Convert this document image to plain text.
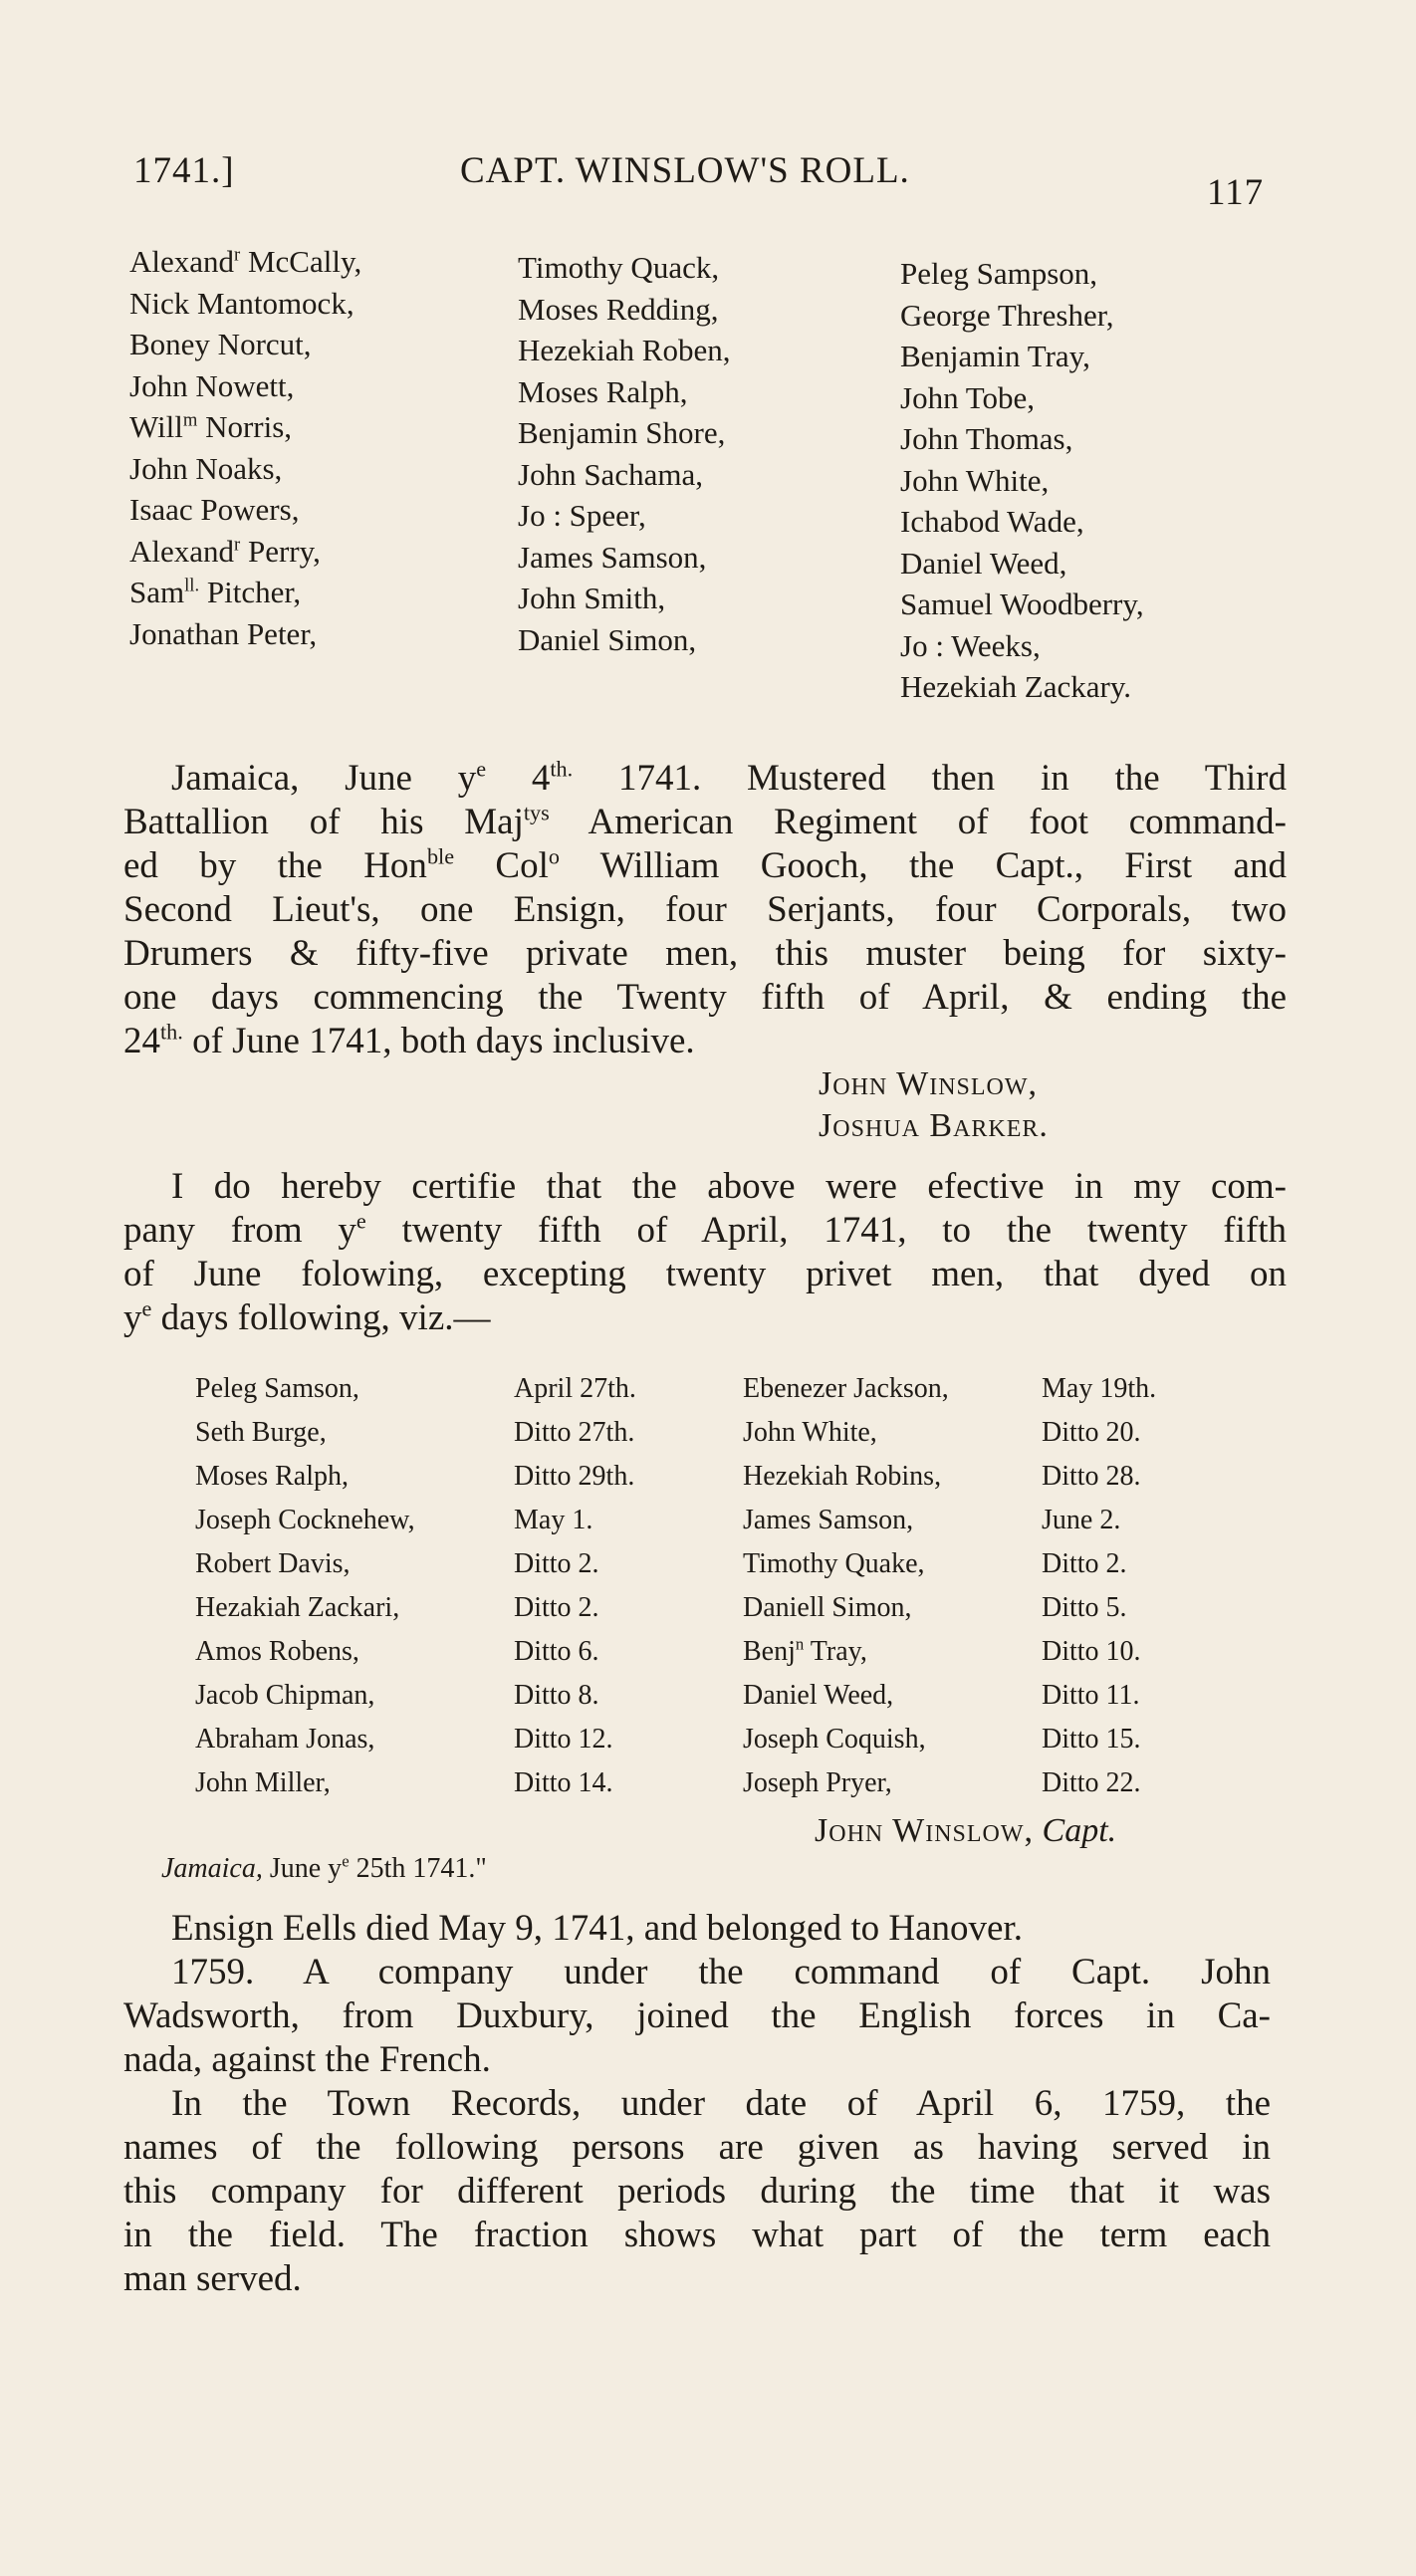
1741.]	CAPT. WINSLOW'S ROLL.
117
Alexand$^r$ McCally,
Nick Mantomock,
Boney Norcut,
John Nowett,
Will$^m$ Norris,
John Noaks,
Isaac Powers,
Alexand$^r$ Perry,
Sam$^{ll.}$ Pitcher,
Jonathan Peter,
Timothy Quack,
Moses Redding,
Hezekiah Roben,
Moses Ralph,
Benjamin Shore,
John Sachama,
Jo : Speer,
James Samson,
John Smith,
Daniel Simon,
Peleg Sampson,
George Thresher,
Benjamin Tray,
John Tobe,
John Thomas,
John White,
Ichabod Wade,
Daniel Weed,
Samuel Woodberry,
Jo : Weeks,
Hezekiah Zackary.
Jamaica, June $y^e$ $4^{th.}$ 1741. Mustered then in the Third
Battallion of his Maj$^{tys}$ American Regiment of foot command-
ed by the Hon$^{ble}$ Col$^o$ William Gooch, the Capt., First and
Second Lieut's, one Ensign, four Serjants, four Corporals, two
Drumers & fifty-five private men, this muster being for sixty-
one days commencing the Twenty fifth of April, & ending the
$24^{th.}$ of June 1741, both days inclusive.
John Winslow,
Joshua Barker.
I do hereby certifie that the above were efective in my com-
pany from $y^e$ twenty fifth of April, 1741, to the twenty fifth
of June folowing, excepting twenty privet men, that dyed on
$y^e$ days following, viz.—
Peleg Samson,
Seth Burge,
Moses Ralph,
Joseph Cocknehew,
Robert Davis,
Hezakiah Zackari,
Amos Robens,
Jacob Chipman,
Abraham Jonas,
John Miller,
April 27th.
Ditto 27th.
Ditto 29th.
May 1.
Ditto 2.
Ditto 2.
Ditto 6.
Ditto 8.
Ditto 12.
Ditto 14.
Ebenezer Jackson,
John White,
Hezekiah Robins,
James Samson,
Timothy Quake,
Daniell Simon,
Benj$^n$ Tray,
Daniel Weed,
Joseph Coquish,
Joseph Pryer,
May 19th.
Ditto 20.
Ditto 28.
June 2.
Ditto 2.
Ditto 5.
Ditto 10.
Ditto 11.
Ditto 15.
Ditto 22.
John Winslow, Capt.
Jamaica, June $y^e$ 25th 1741."
Ensign Eells died May 9, 1741, and belonged to Hanover.
1759. A company under the command of Capt. John
Wadsworth, from Duxbury, joined the English forces in Ca-
nada, against the French.
In the Town Records, under date of April 6, 1759, the
names of the following persons are given as having served in
this company for different periods during the time that it was
in the field. The fraction shows what part of the term each
man served.
